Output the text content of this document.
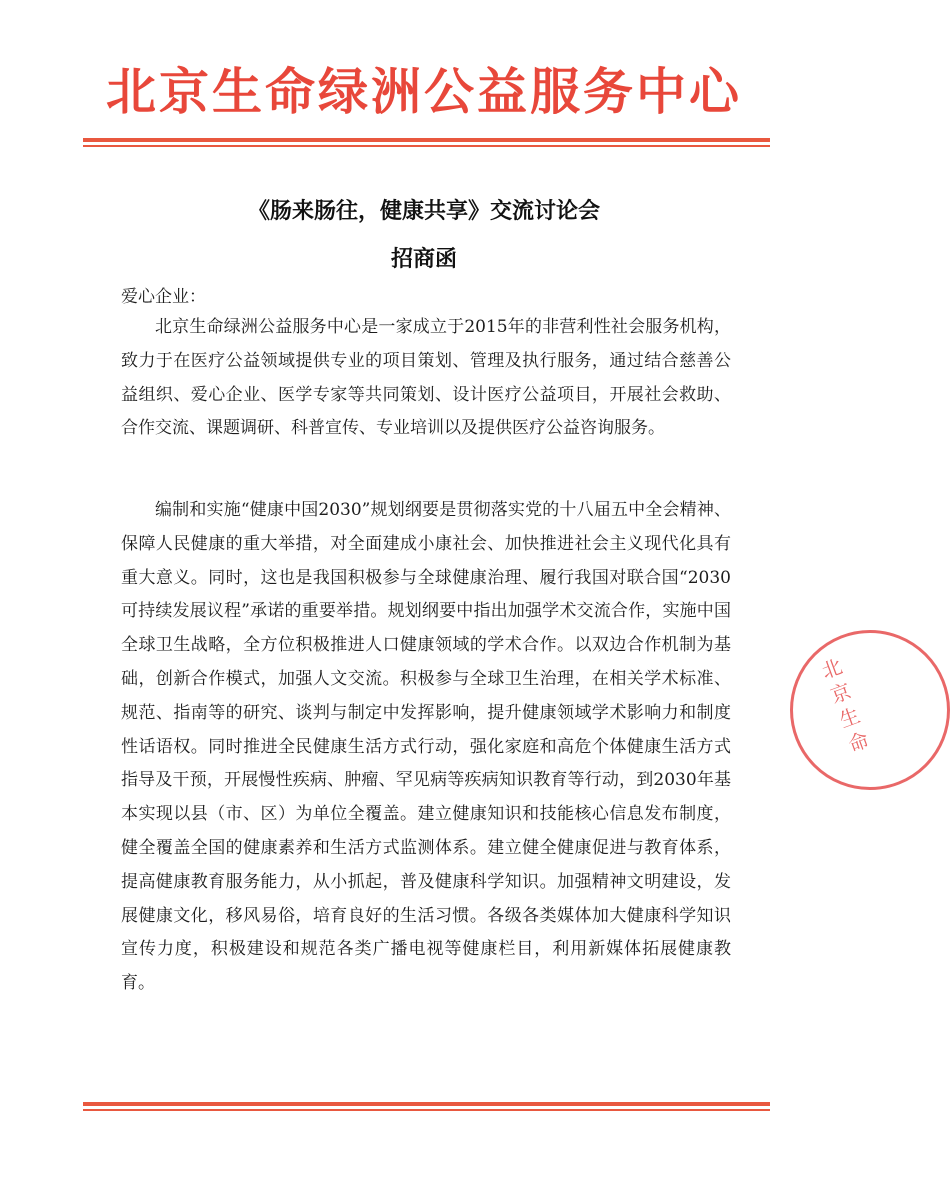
北京生命绿洲公益服务中心
《肠来肠往，健康共享》交流讨论会
招商函
爱心企业：

北京生命绿洲公益服务中心是一家成立于2015年的非营利性社会服务机构，致力于在医疗公益领域提供专业的项目策划、管理及执行服务，通过结合慈善公益组织、爱心企业、医学专家等共同策划、设计医疗公益项目，开展社会救助、合作交流、课题调研、科普宣传、专业培训以及提供医疗公益咨询服务。

编制和实施“健康中国2030”规划纲要是贯彻落实党的十八届五中全会精神、保障人民健康的重大举措，对全面建成小康社会、加快推进社会主义现代化具有重大意义。同时，这也是我国积极参与全球健康治理、履行我国对联合国“2030可持续发展议程”承诺的重要举措。规划纲要中指出加强学术交流合作，实施中国全球卫生战略，全方位积极推进人口健康领域的学术合作。以双边合作机制为基础，创新合作模式，加强人文交流。积极参与全球卫生治理，在相关学术标准、规范、指南等的研究、谈判与制定中发挥影响，提升健康领域学术影响力和制度性话语权。同时推进全民健康生活方式行动，强化家庭和高危个体健康生活方式指导及干预，开展慢性疾病、肿瘤、罕见病等疾病知识教育等行动，到2030年基本实现以县（市、区）为单位全覆盖。建立健康知识和技能核心信息发布制度，健全覆盖全国的健康素养和生活方式监测体系。建立健全健康促进与教育体系，提高健康教育服务能力，从小抓起，普及健康科学知识。加强精神文明建设，发展健康文化，移风易俗，培育良好的生活习惯。各级各类媒体加大健康科学知识宣传力度，积极建设和规范各类广播电视等健康栏目，利用新媒体拓展健康教育。

北京生命
